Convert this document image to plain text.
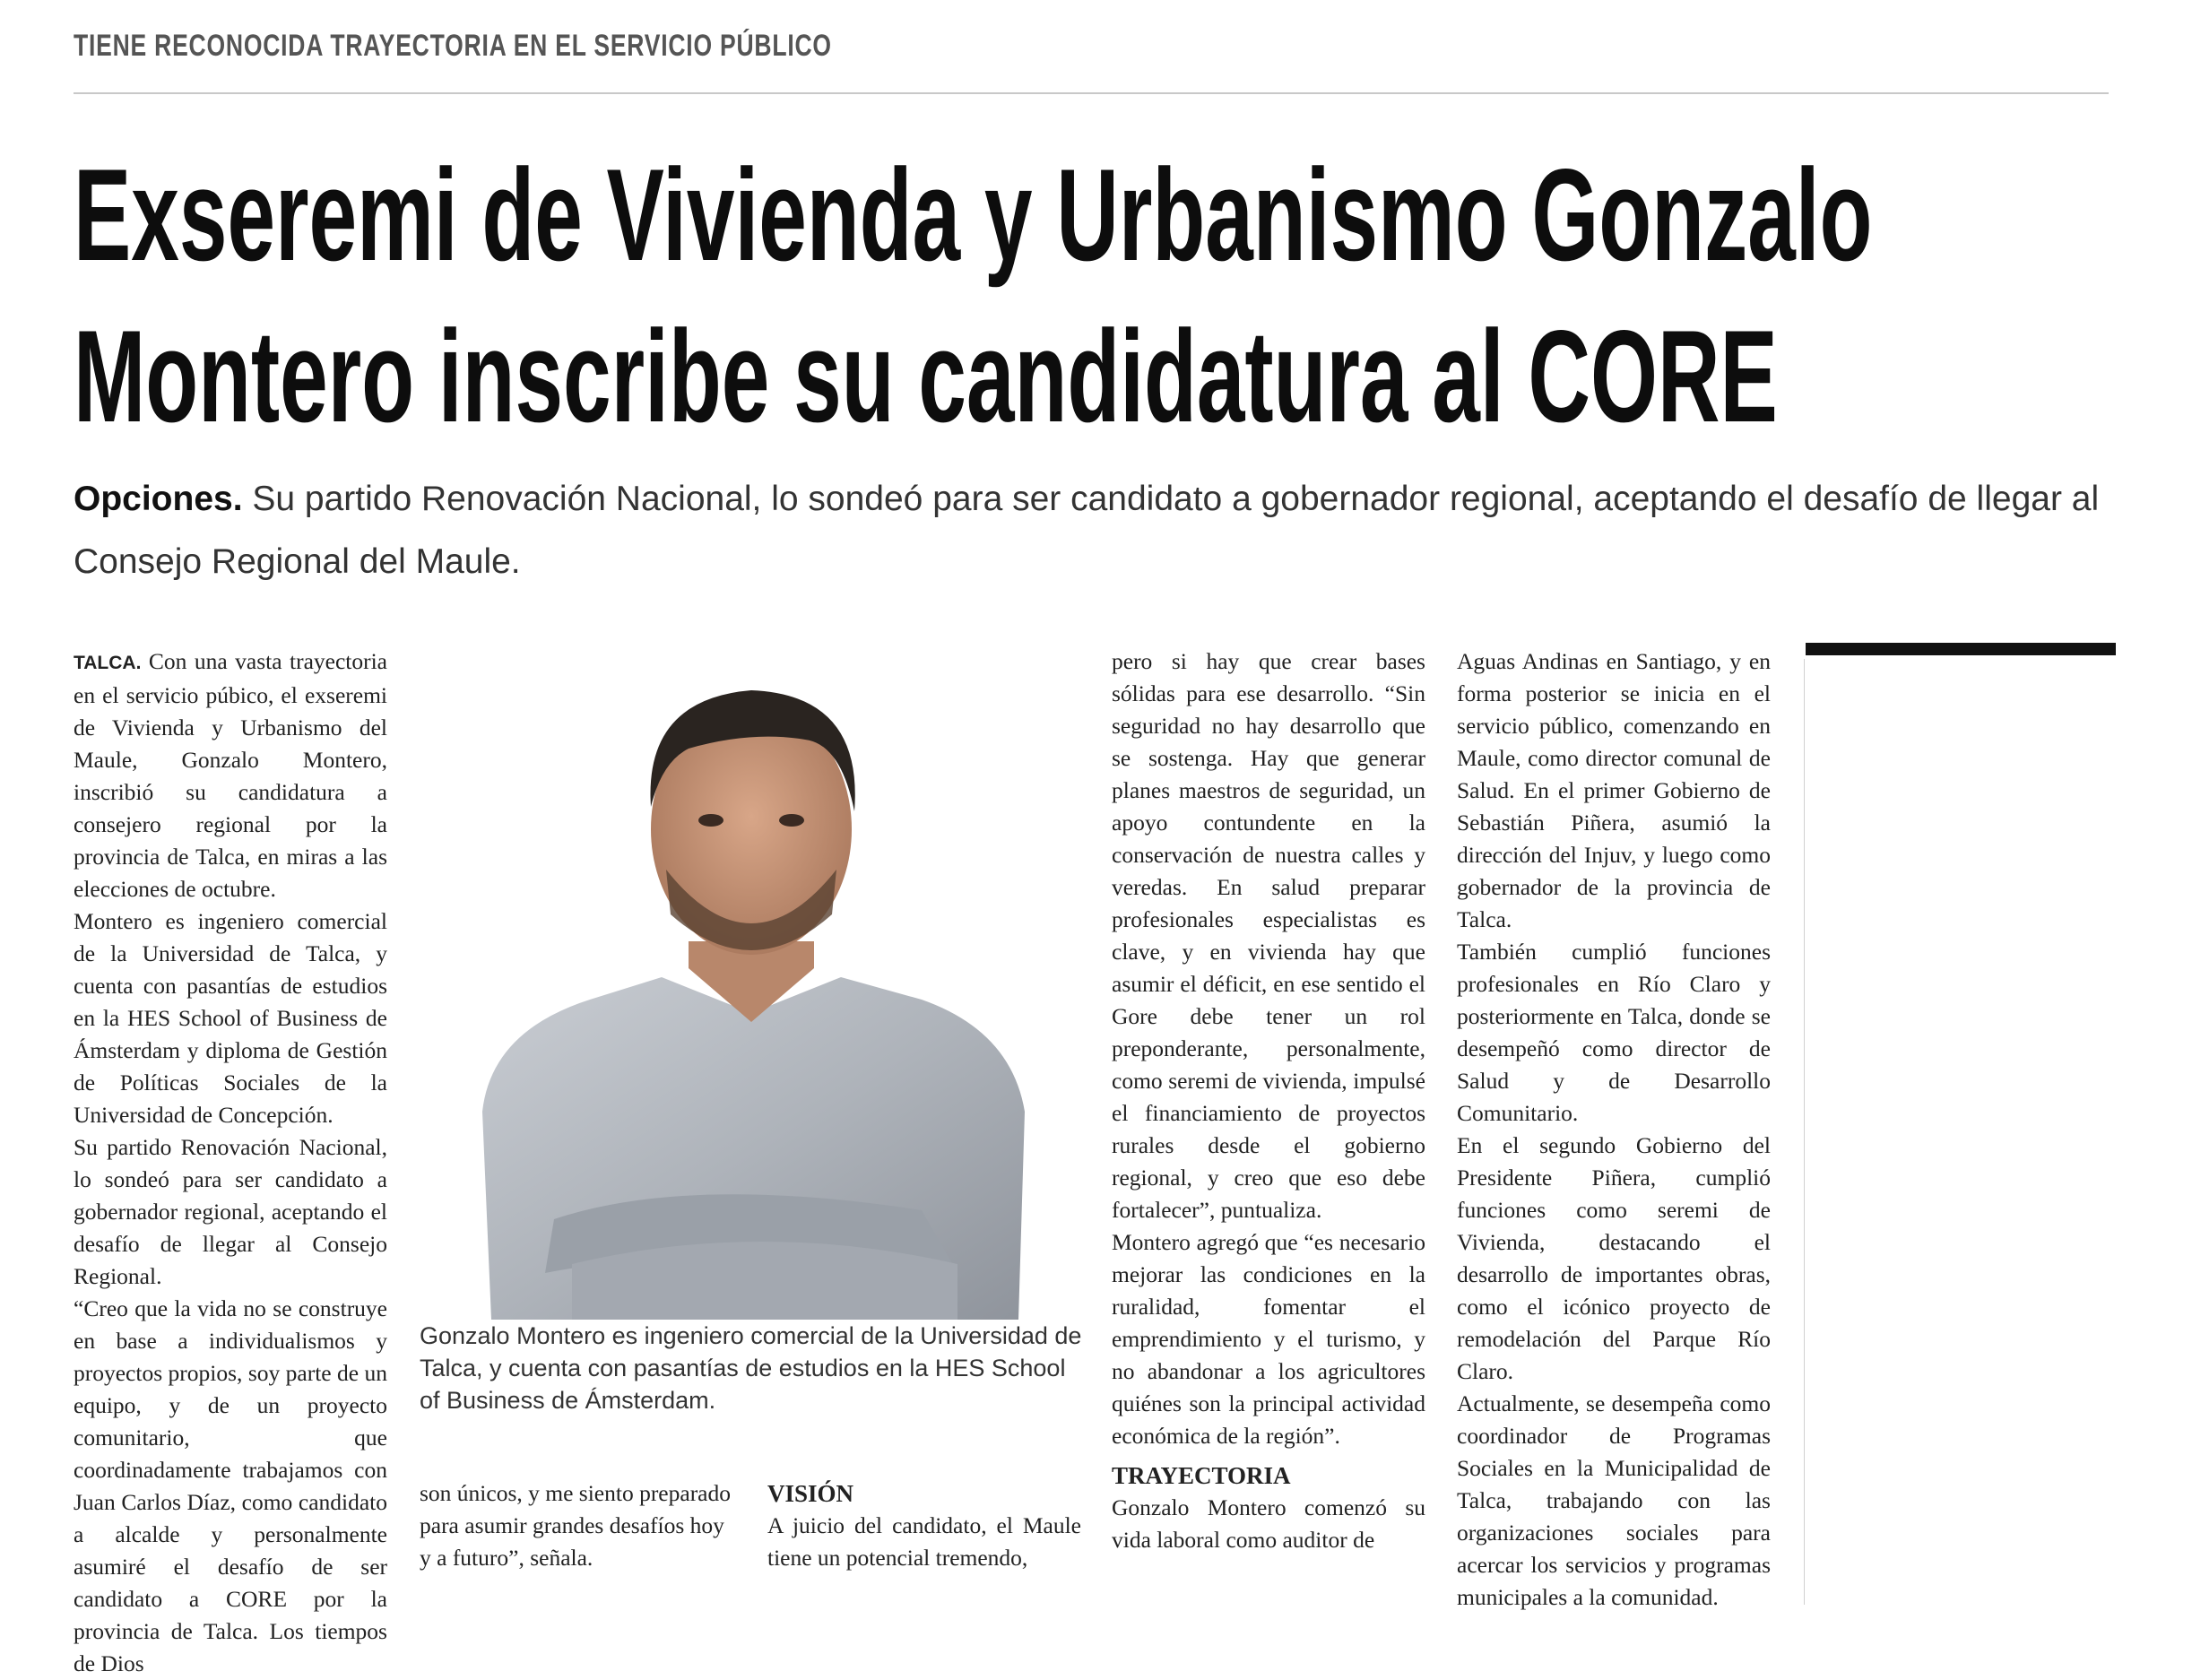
TIENE RECONOCIDA TRAYECTORIA EN EL SERVICIO PÚBLICO
Exseremi de Vivienda y Urbanismo Gonzalo
Montero inscribe su candidatura al CORE
Opciones. Su partido Renovación Nacional, lo sondeó para ser candidato a gobernador regional, aceptando el desafío de llegar al Consejo Regional del Maule.

TALCA. Con una vasta trayectoria en el servicio púbico, el exseremi de Vivienda y Urbanismo del Maule, Gonzalo Montero, inscribió su candidatura a consejero regional por la provincia de Talca, en miras a las elecciones de octubre.

Montero es ingeniero comercial de la Universidad de Talca, y cuenta con pasantías de estudios en la HES School of Business de Ámsterdam y diploma de Gestión de Políticas Sociales de la Universidad de Concepción.

Su partido Renovación Nacional, lo sondeó para ser candidato a gobernador regional, aceptando el desafío de llegar al Consejo Regional.

“Creo que la vida no se construye en base a individualismos y proyectos propios, soy parte de un equipo, y de un proyecto comunitario, que coordinadamente trabajamos con Juan Carlos Díaz, como candidato a alcalde y personalmente asumiré el desafío de ser candidato a CORE por la provincia de Talca. Los tiempos de Dios

Gonzalo Montero es ingeniero comercial de la Universidad de Talca, y cuenta con pasantías de estudios en la HES School of Business de Ámsterdam.

son únicos, y me siento preparado para asumir grandes desafíos hoy y a futuro”, señala.

VISIÓN

A juicio del candidato, el Maule tiene un potencial tremendo,

pero si hay que crear bases sólidas para ese desarrollo. “Sin seguridad no hay desarrollo que se sostenga. Hay que generar planes maestros de seguridad, un apoyo contundente en la conservación de nuestra calles y veredas. En salud preparar profesionales especialistas es clave, y en vivienda hay que asumir el déficit, en ese sentido el Gore debe tener un rol preponderante, personalmente, como seremi de vivienda, impulsé el financiamiento de proyectos rurales desde el gobierno regional, y creo que eso debe fortalecer”, puntualiza.

Montero agregó que “es necesario mejorar las condiciones en la ruralidad, fomentar el emprendimiento y el turismo, y no abandonar a los agricultores quiénes son la principal actividad económica de la región”.

TRAYECTORIA

Gonzalo Montero comenzó su vida laboral como auditor de

Aguas Andinas en Santiago, y en forma posterior se inicia en el servicio público, comenzando en Maule, como director comunal de Salud. En el primer Gobierno de Sebastián Piñera, asumió la dirección del Injuv, y luego como gobernador de la provincia de Talca.

También cumplió funciones profesionales en Río Claro y posteriormente en Talca, donde se desempeñó como director de Salud y de Desarrollo Comunitario.

En el segundo Gobierno del Presidente Piñera, cumplió funciones como seremi de Vivienda, destacando el desarrollo de importantes obras, como el icónico proyecto de remodelación del Parque Río Claro.

Actualmente, se desempeña como coordinador de Programas Sociales en la Municipalidad de Talca, trabajando con las organizaciones sociales para acercar los servicios y programas municipales a la comunidad.
